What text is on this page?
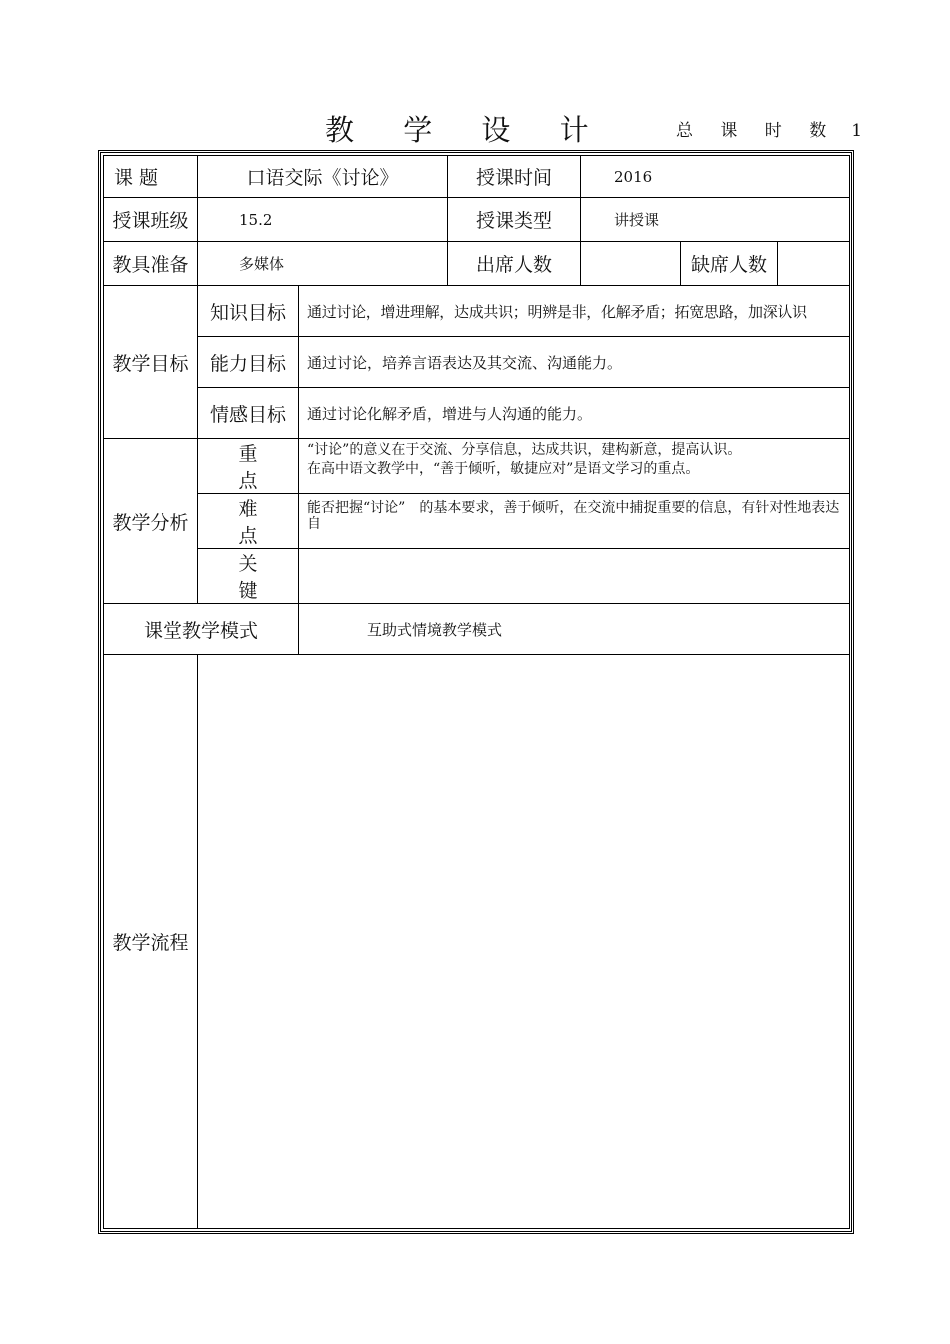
教 学 设 计	总 课 时 数 1
课 题	口语交际《讨论》		授课时间	2016		
授课班级	15.2		授课类型	讲授课		
教具准备	多媒体		出席人数		缺席人数	
教学目标	知识目标	通过讨论，增进理解，达成共识；明辨是非，化解矛盾；拓宽思路，加深认识				
	能力目标	通过讨论，培养言语表达及其交流、沟通能力。				
	情感目标	通过讨论化解矛盾，增进与人沟通的能力。				
教学分析	重 点	“讨论”的意义在于交流、分享信息，达成共识，建构新意，提高认识。
在高中语文教学中，“善于倾听，敏捷应对”是语文学习的重点。				

	难 点	能否把握“讨论”　的基本要求，善于倾听，在交流中捕捉重要的信息，有针对性地表达自				
	关 键					
课堂教学模式		互助式情境教学模式				
教学流程						
